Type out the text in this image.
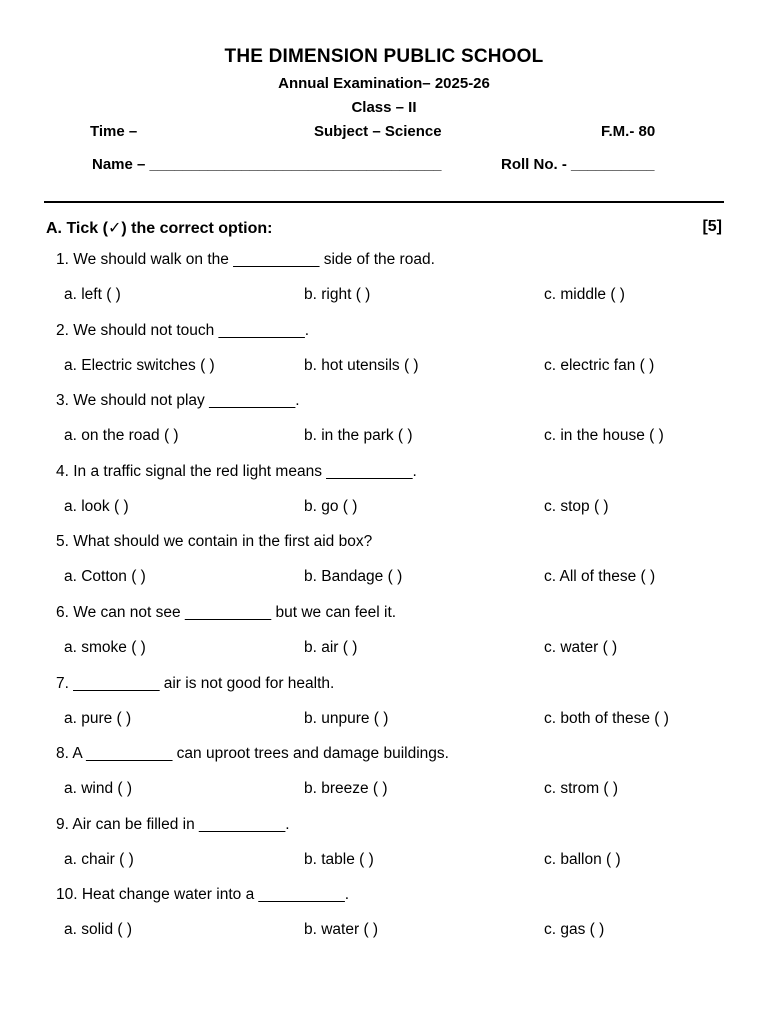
THE DIMENSION PUBLIC SCHOOL
Annual Examination– 2025-26
Class – II
Time –	Subject – Science	F.M.- 80
Name – ___________________________________	Roll No. - __________
A. Tick (✓) the correct option:	[5]
1. We should walk on the __________ side of the road.
a. left ( )	b. right ( )	c. middle ( )
2. We should not touch __________.
a. Electric switches ( )	b. hot utensils ( )	c. electric fan ( )
3. We should not play __________.
a. on the road ( )	b. in the park ( )	c. in the house ( )
4. In a traffic signal the red light means __________.
a. look ( )	b. go ( )	c. stop ( )
5. What should we contain in the first aid box?
a. Cotton ( )	b. Bandage ( )	c. All of these ( )
6. We can not see __________ but we can feel it.
a. smoke ( )	b. air ( )	c. water ( )
7. __________ air is not good for health.
a. pure ( )	b. unpure ( )	c. both of these ( )
8. A __________ can uproot trees and damage buildings.
a. wind ( )	b. breeze ( )	c. strom ( )
9. Air can be filled in __________.
a. chair ( )	b. table ( )	c. ballon ( )
10. Heat change water into a __________.
a. solid ( )	b. water ( )	c. gas ( )
